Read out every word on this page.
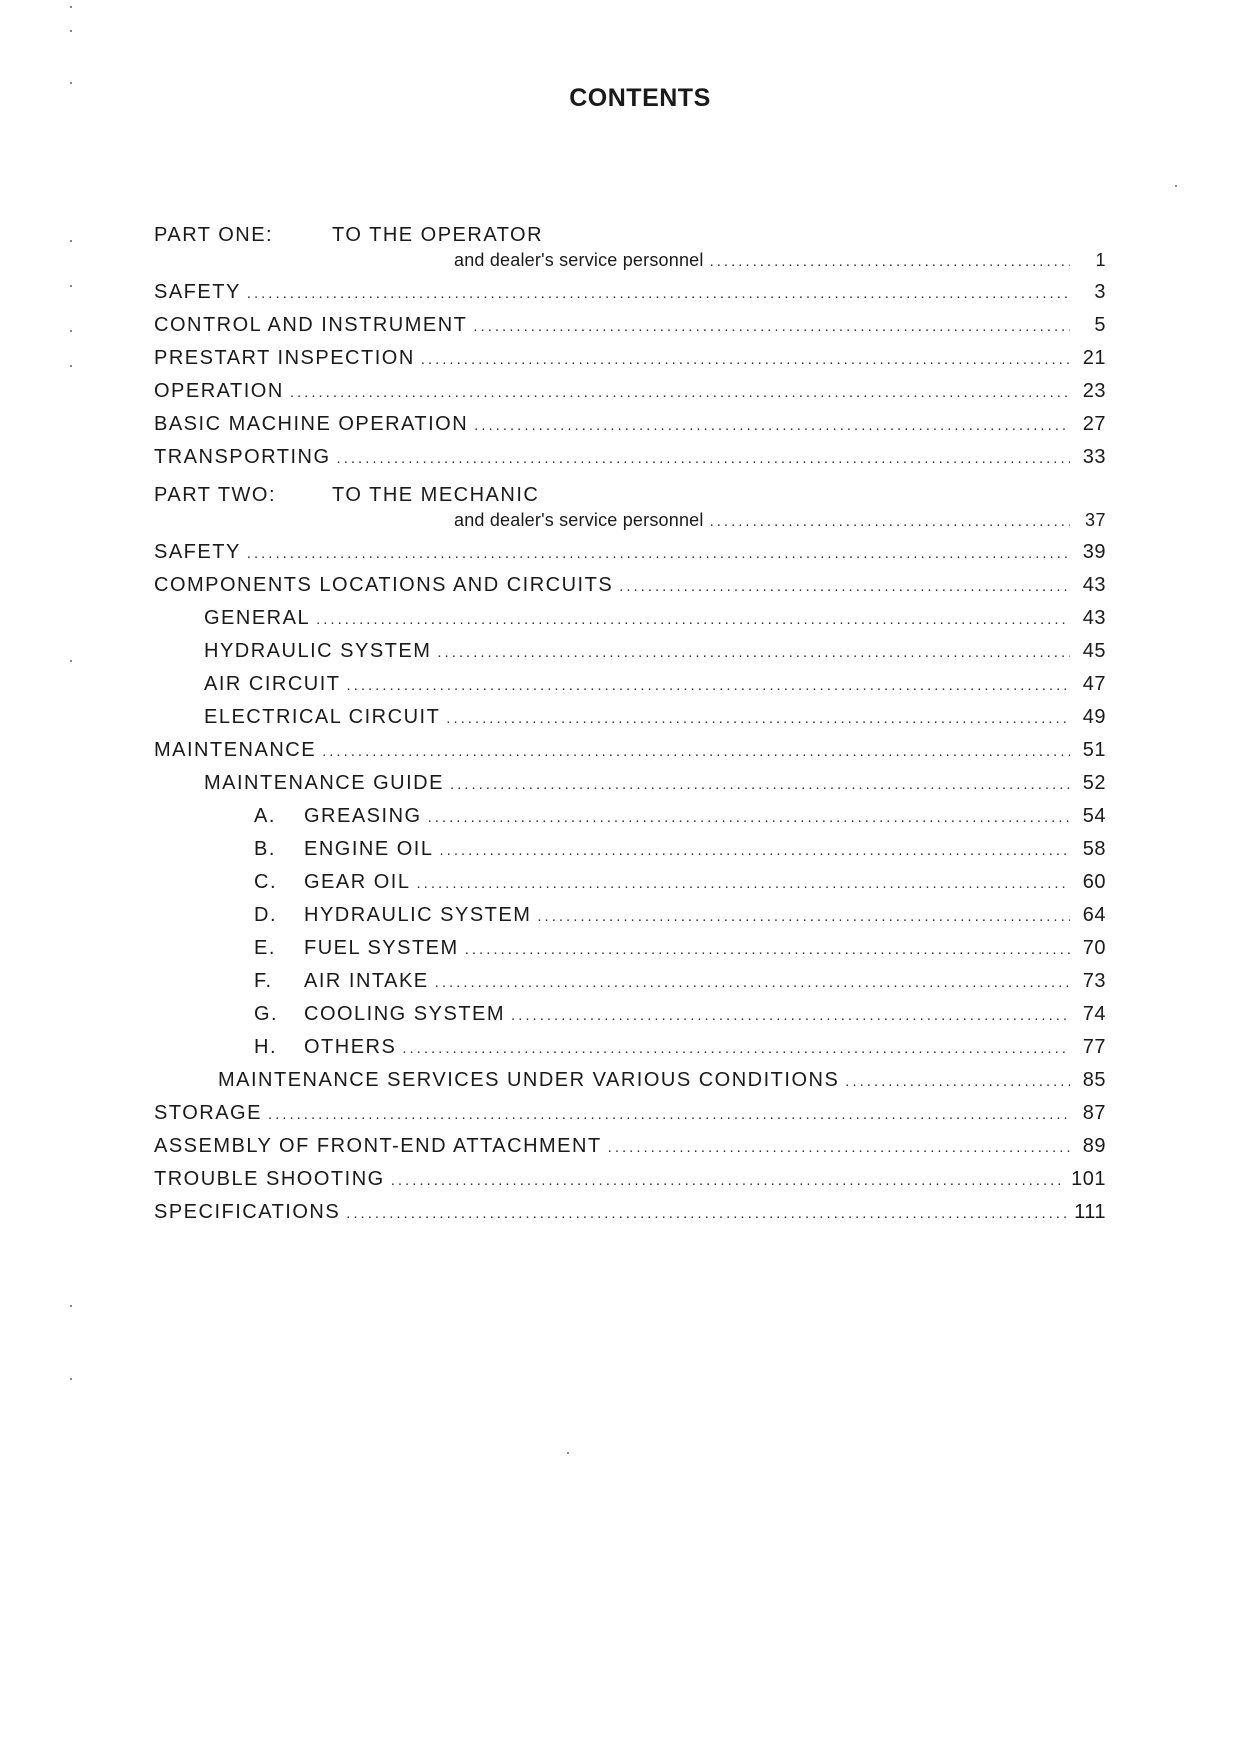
CONTENTS
PART ONE:	TO THE OPERATOR
and dealer's service personnel .....	1
SAFETY .....	3
CONTROL AND INSTRUMENT .....	5
PRESTART INSPECTION .....	21
OPERATION .....	23
BASIC MACHINE OPERATION .....	27
TRANSPORTING .....	33
PART TWO:	TO THE MECHANIC
and dealer's service personnel .....	37
SAFETY .....	39
COMPONENTS LOCATIONS AND CIRCUITS .....	43
GENERAL .....	43
HYDRAULIC SYSTEM .....	45
AIR CIRCUIT .....	47
ELECTRICAL CIRCUIT .....	49
MAINTENANCE .....	51
MAINTENANCE GUIDE .....	52
A. GREASING .....	54
B. ENGINE OIL .....	58
C. GEAR OIL .....	60
D. HYDRAULIC SYSTEM .....	64
E. FUEL SYSTEM .....	70
F. AIR INTAKE .....	73
G. COOLING SYSTEM .....	74
H. OTHERS .....	77
MAINTENANCE SERVICES UNDER VARIOUS CONDITIONS .....	85
STORAGE .....	87
ASSEMBLY OF FRONT-END ATTACHMENT .....	89
TROUBLE SHOOTING .....	101
SPECIFICATIONS .....	111
